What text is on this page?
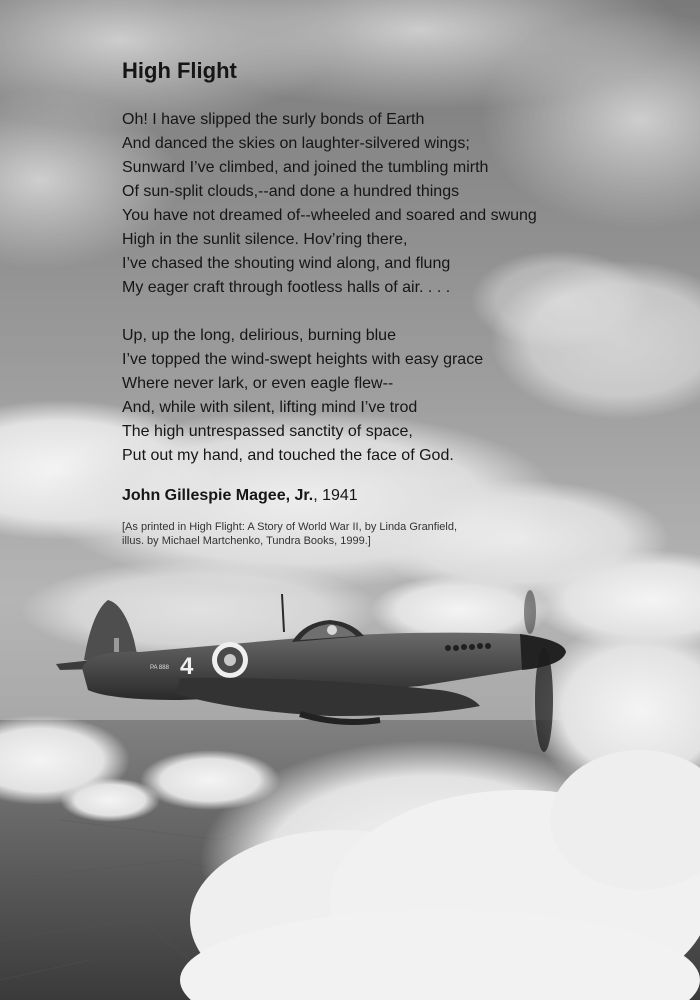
4
PA 888
High Flight
Oh! I have slipped the surly bonds of Earth
And danced the skies on laughter-silvered wings;
Sunward I’ve climbed, and joined the tumbling mirth
Of sun-split clouds,--and done a hundred things
You have not dreamed of--wheeled and soared and swung
High in the sunlit silence. Hov’ring there,
I’ve chased the shouting wind along, and flung
My eager craft through footless halls of air. . . .
Up, up the long, delirious, burning blue
I’ve topped the wind-swept heights with easy grace
Where never lark, or even eagle flew--
And, while with silent, lifting mind I’ve trod
The high untrespassed sanctity of space,
Put out my hand, and touched the face of God.
John Gillespie Magee, Jr., 1941
[As printed in High Flight: A Story of World War II, by Linda Granfield,
illus. by Michael Martchenko, Tundra Books, 1999.]
